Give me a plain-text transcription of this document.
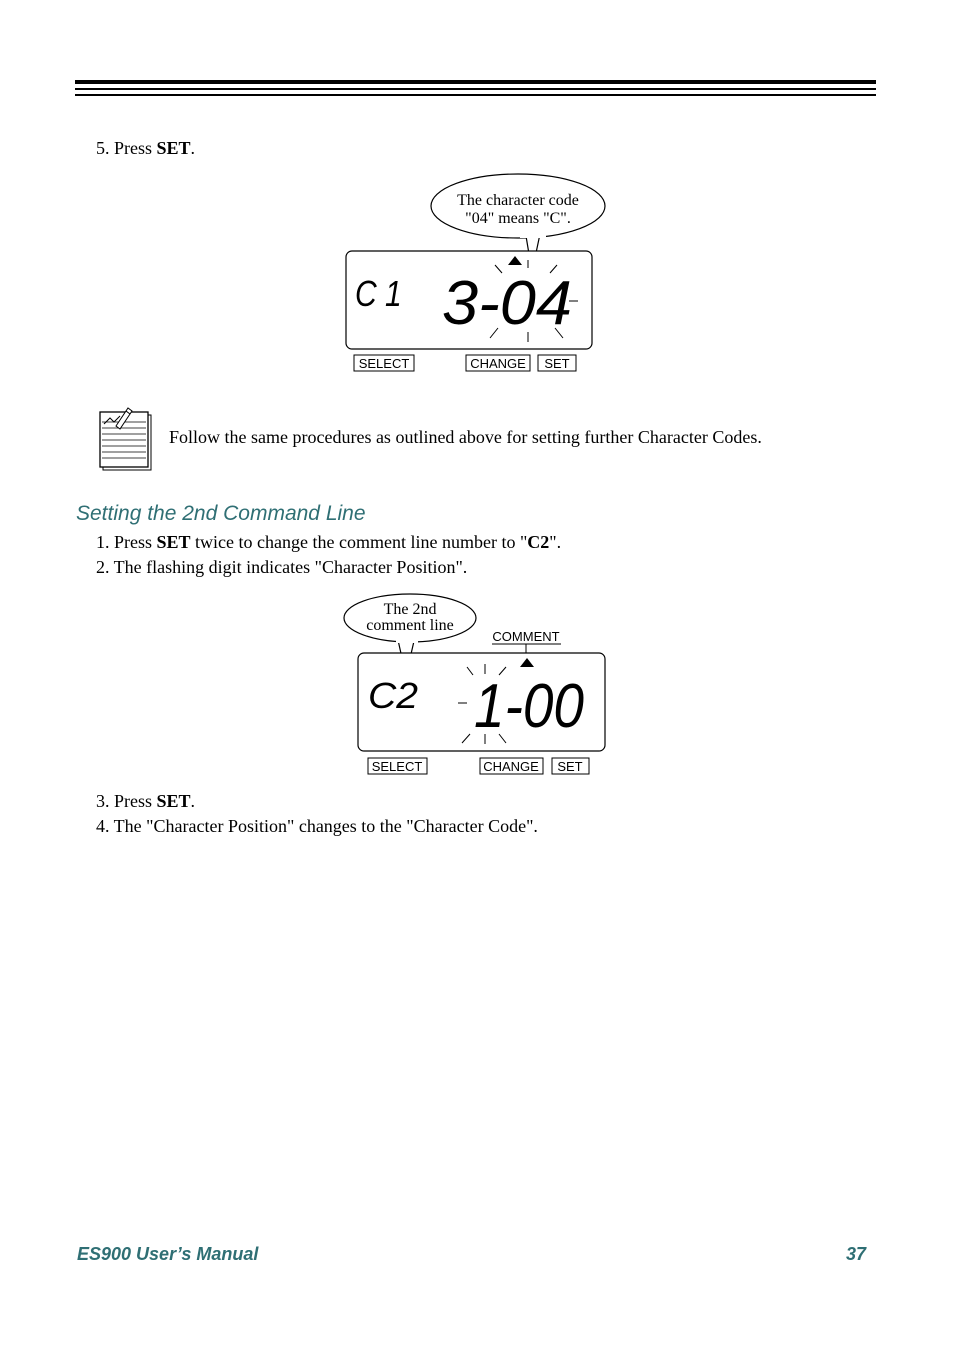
5. Press SET.
The character code
"04" means "C".
C1 3-04
SELECT	CHANGE SET
Follow the same procedures as outlined above for setting further Character Codes.
Setting the 2nd Command Line
1. Press SET twice to change the comment line number to "C2".
2. The flashing digit indicates "Character Position".
The 2nd
comment line
COMMENT
C2 1-00
SELECT	CHANGE SET
3. Press SET.
4. The "Character Position" changes to the "Character Code".
ES900 User’s Manual	37
